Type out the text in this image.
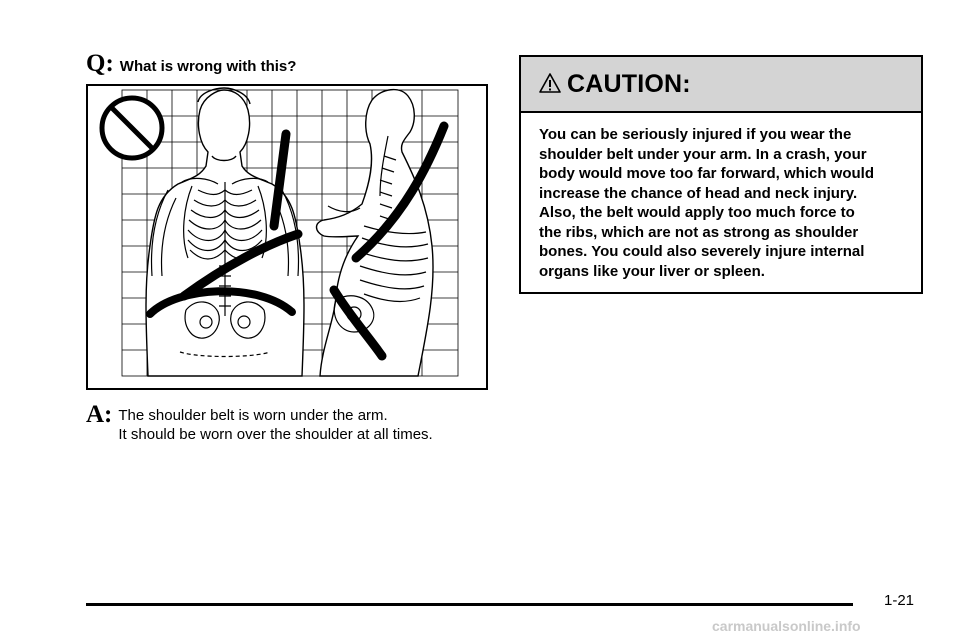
Q: What is wrong with this?
A: The shoulder belt is worn under the arm.
It should be worn over the shoulder at all times.
CAUTION:
You can be seriously injured if you wear the
shoulder belt under your arm. In a crash, your
body would move too far forward, which would
increase the chance of head and neck injury.
Also, the belt would apply too much force to
the ribs, which are not as strong as shoulder
bones. You could also severely injure internal
organs like your liver or spleen.
1-21
carmanualsonline.info
